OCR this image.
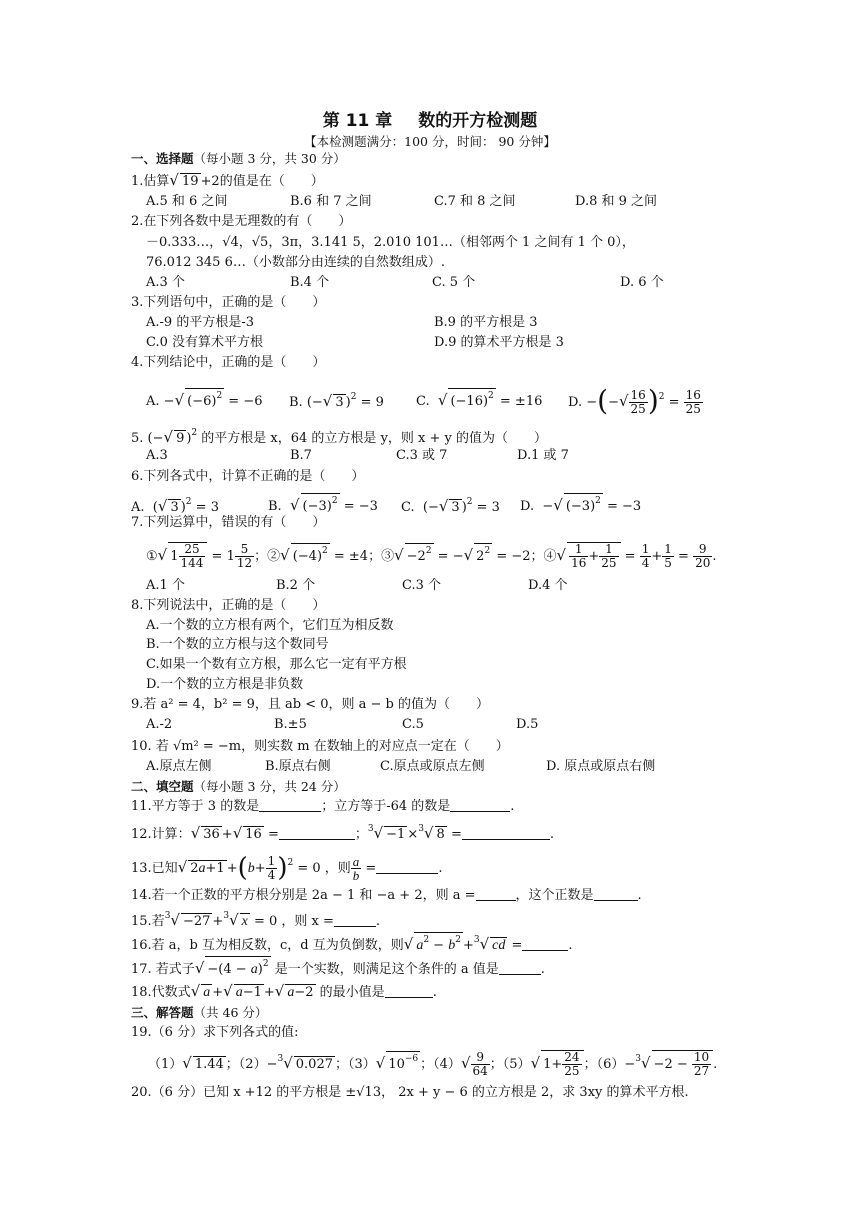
第 11 章 数的开方检测题
【本检测题满分：100 分，时间： 90 分钟】
一、选择题（每小题 3 分，共 30 分）
1.估算√ 19 +2的值是在（　　）
A.5 和 6 之间	B.6 和 7 之间	C.7 和 8 之间	D.8 和 9 之间
2.在下列各数中是无理数的有（　　）
－0.333…，√4，√5，3π，3.141 5，2.010 101…（相邻两个 1 之间有 1 个 0），
76.012 345 6…（小数部分由连续的自然数组成）.
A.3 个	B.4 个	C. 5 个	D. 6 个
3.下列语句中，正确的是（　　）
A.-9 的平方根是-3	B.9 的平方根是 3
C.0 没有算术平方根	D.9 的算术平方根是 3
4.下列结论中，正确的是（　　）
A. −√ $(-6)^2 = -6$ B. (−√ 3 )$^2$ = 9 C. √ $(-16)^2 = \pm 16$ D. −(−√ $\frac{16}{25} )^2 = \frac{16}{25}$
5. (−√ 9 )$^2$ 的平方根是 x，64 的立方根是 y，则 x + y 的值为（　　）
A.3	B.7	C.3 或 7	D.1 或 7
6.下列各式中，计算不正确的是（　　）
A.  (√ 3 )$^2$ = 3	B. √ $(-3)^2 = -3$ C.  (−√ 3 )$^2$ = 3 D.  −√ $(-3)^2 = -3$
7.下列运算中，错误的有（　　）
①√ $1 \frac{25}{144} = 1 \frac{5}{12}$ ；②√ $(-4)^2 = \pm 4$；③√ $-2^2$ = −√ $2^2 = -2$；④√ $\frac{1}{16} + \frac{1}{25} = \frac{1}{4} + \frac{1}{5} = \frac{9}{20}$ .
A.1 个	B.2 个	C.3 个	D.4 个
8.下列说法中，正确的是（　　）
A.一个数的立方根有两个，它们互为相反数
B.一个数的立方根与这个数同号
C.如果一个数有立方根，那么它一定有平方根
D.一个数的立方根是非负数
9.若 a² = 4，b² = 9，且 ab < 0，则 a − b 的值为（　　）
A.-2	B.±5	C.5	D.5
10. 若 √m² = −m，则实数 m 在数轴上的对应点一定在（　　）
A.原点左侧	B.原点右侧	C.原点或原点左侧	D. 原点或原点右侧
二、填空题（每小题 3 分，共 24 分）
11.平方等于 3 的数是	；立方等于-64 的数是	.
12.计算：√ 36 +√ 16 =	；$^3$√ −1 ×$^3$√ 8 =	.
13.已知√ $2a+1 +(b+ \frac{1}{4} )^2 = 0$ ，则 $\frac{a}{b}$ =	.
14.若一个正数的平方根分别是 2a − 1 和 −a + 2，则 a =	，这个正数是	.
15.若$^3$√ −27 +$^3$√ x = 0 ，则 x =	.
16.若 a，b 互为相反数，c，d 互为负倒数，则√ $a^2 - b^2 +^3√$ cd =	.
17. 若式子√ $-(4 - a)^2$ 是一个实数，则满足这个条件的 a 值是	.
18.代数式√ a +√ a−1 +√ a−2 的最小值是	.
三、解答题（共 46 分）
19.（6 分）求下列各式的值:
（1）√ 1.44 ；（2）−$^3$√ 0.027 ；（3）√ $10^{-6}$ ；$(4)√ \frac{9}{64}$ ；（5）√ $1+ \frac{24}{25}$ ；$(6)-^3√ -2 - \frac{10}{27}$ .
20.（6 分）已知 x +12 的平方根是 ±√13， 2x + y − 6 的立方根是 2，求 3xy 的算术平方根.
